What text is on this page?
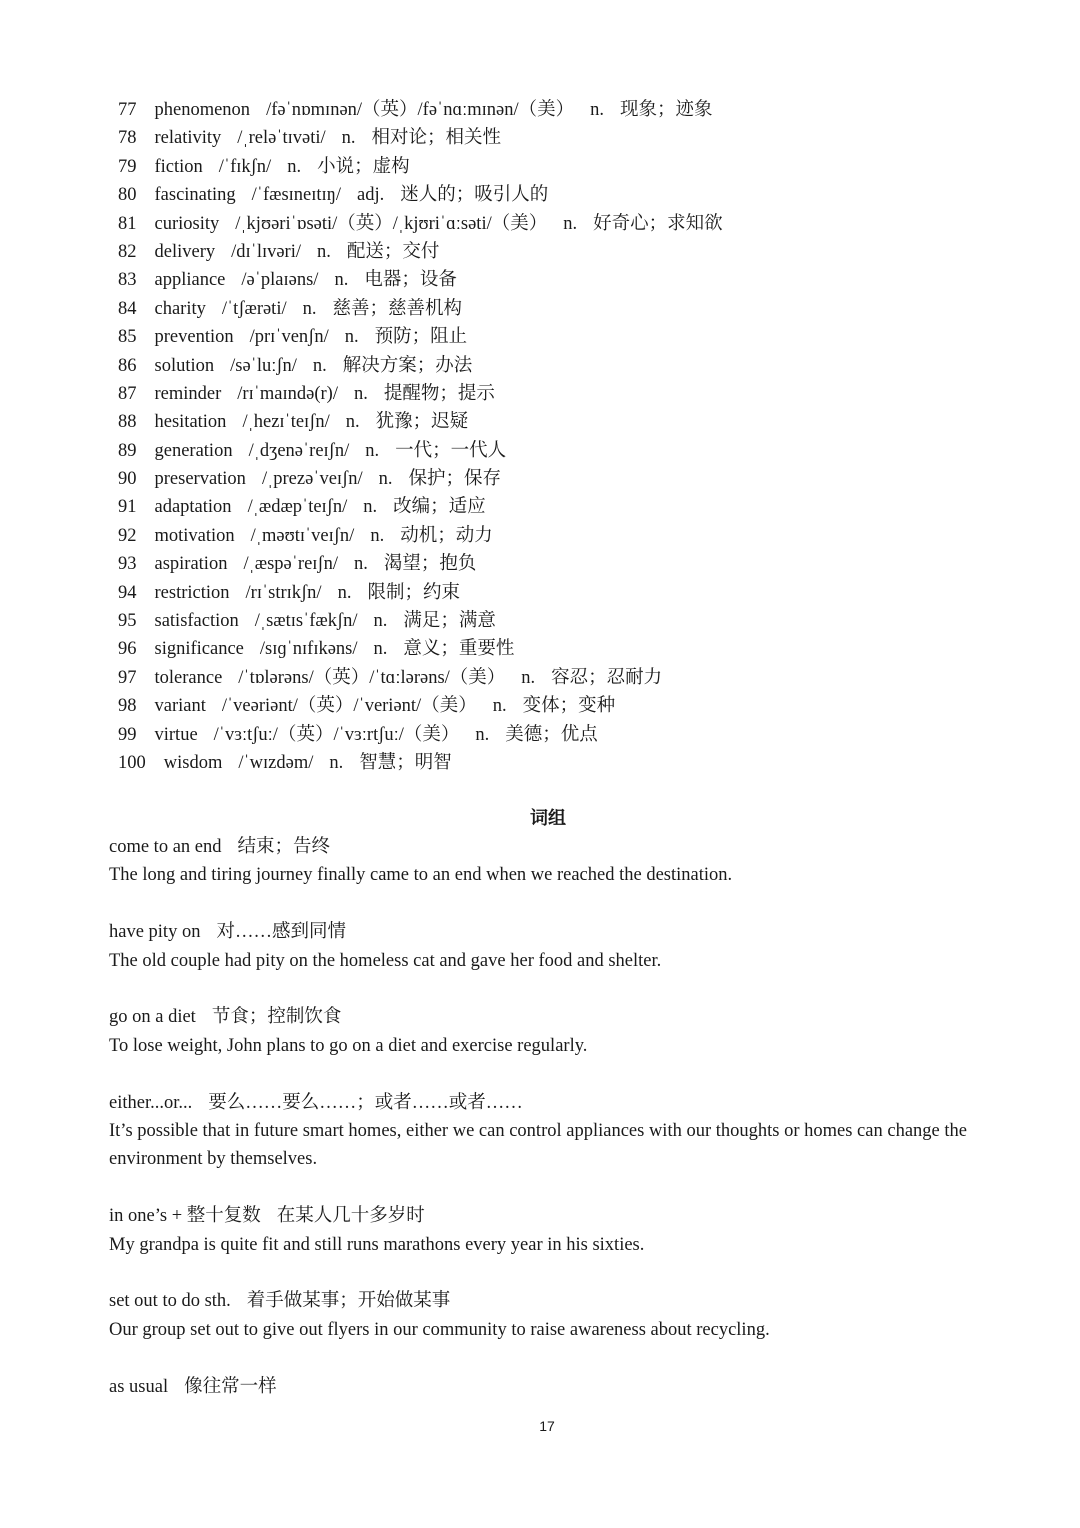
77 phenomenon /fəˈnɒmɪnən/（英）/fəˈnɑːmɪnən/（美） n. 现象；迹象
78 relativity /ˌreləˈtɪvəti/ n. 相对论；相关性
79 fiction /ˈfɪkʃn/ n. 小说；虚构
80 fascinating /ˈfæsɪneɪtɪŋ/ adj. 迷人的；吸引人的
81 curiosity /ˌkjʊəriˈɒsəti/（英）/ˌkjʊriˈɑːsəti/（美） n. 好奇心；求知欲
82 delivery /dɪˈlɪvəri/ n. 配送；交付
83 appliance /əˈplaɪəns/ n. 电器；设备
84 charity /ˈtʃærəti/ n. 慈善；慈善机构
85 prevention /prɪˈvenʃn/ n. 预防；阻止
86 solution /səˈluːʃn/ n. 解决方案；办法
87 reminder /rɪˈmaɪndə(r)/ n. 提醒物；提示
88 hesitation /ˌhezɪˈteɪʃn/ n. 犹豫；迟疑
89 generation /ˌdʒenəˈreɪʃn/ n. 一代；一代人
90 preservation /ˌprezəˈveɪʃn/ n. 保护；保存
91 adaptation /ˌædæpˈteɪʃn/ n. 改编；适应
92 motivation /ˌməʊtɪˈveɪʃn/ n. 动机；动力
93 aspiration /ˌæspəˈreɪʃn/ n. 渴望；抱负
94 restriction /rɪˈstrɪkʃn/ n. 限制；约束
95 satisfaction /ˌsætɪsˈfækʃn/ n. 满足；满意
96 significance /sɪɡˈnɪfɪkəns/ n. 意义；重要性
97 tolerance /ˈtɒlərəns/（英）/ˈtɑːlərəns/（美） n. 容忍；忍耐力
98 variant /ˈveəriənt/（英）/ˈveriənt/（美） n. 变体；变种
99 virtue /ˈvɜːtʃuː/（英）/ˈvɜːrtʃuː/（美） n. 美德；优点
100 wisdom /ˈwɪzdəm/ n. 智慧；明智
词组

come to an end 结束；告终

The long and tiring journey finally came to an end when we reached the destination.

have pity on 对……感到同情

The old couple had pity on the homeless cat and gave her food and shelter.

go on a diet 节食；控制饮食

To lose weight, John plans to go on a diet and exercise regularly.

either...or... 要么……要么……；或者……或者……

It’s possible that in future smart homes, either we can control appliances with our thoughts or homes can change the environment by themselves.

in one’s + 整十复数 在某人几十多岁时

My grandpa is quite fit and still runs marathons every year in his sixties.

set out to do sth. 着手做某事；开始做某事

Our group set out to give out flyers in our community to raise awareness about recycling.

as usual 像往常一样

17
